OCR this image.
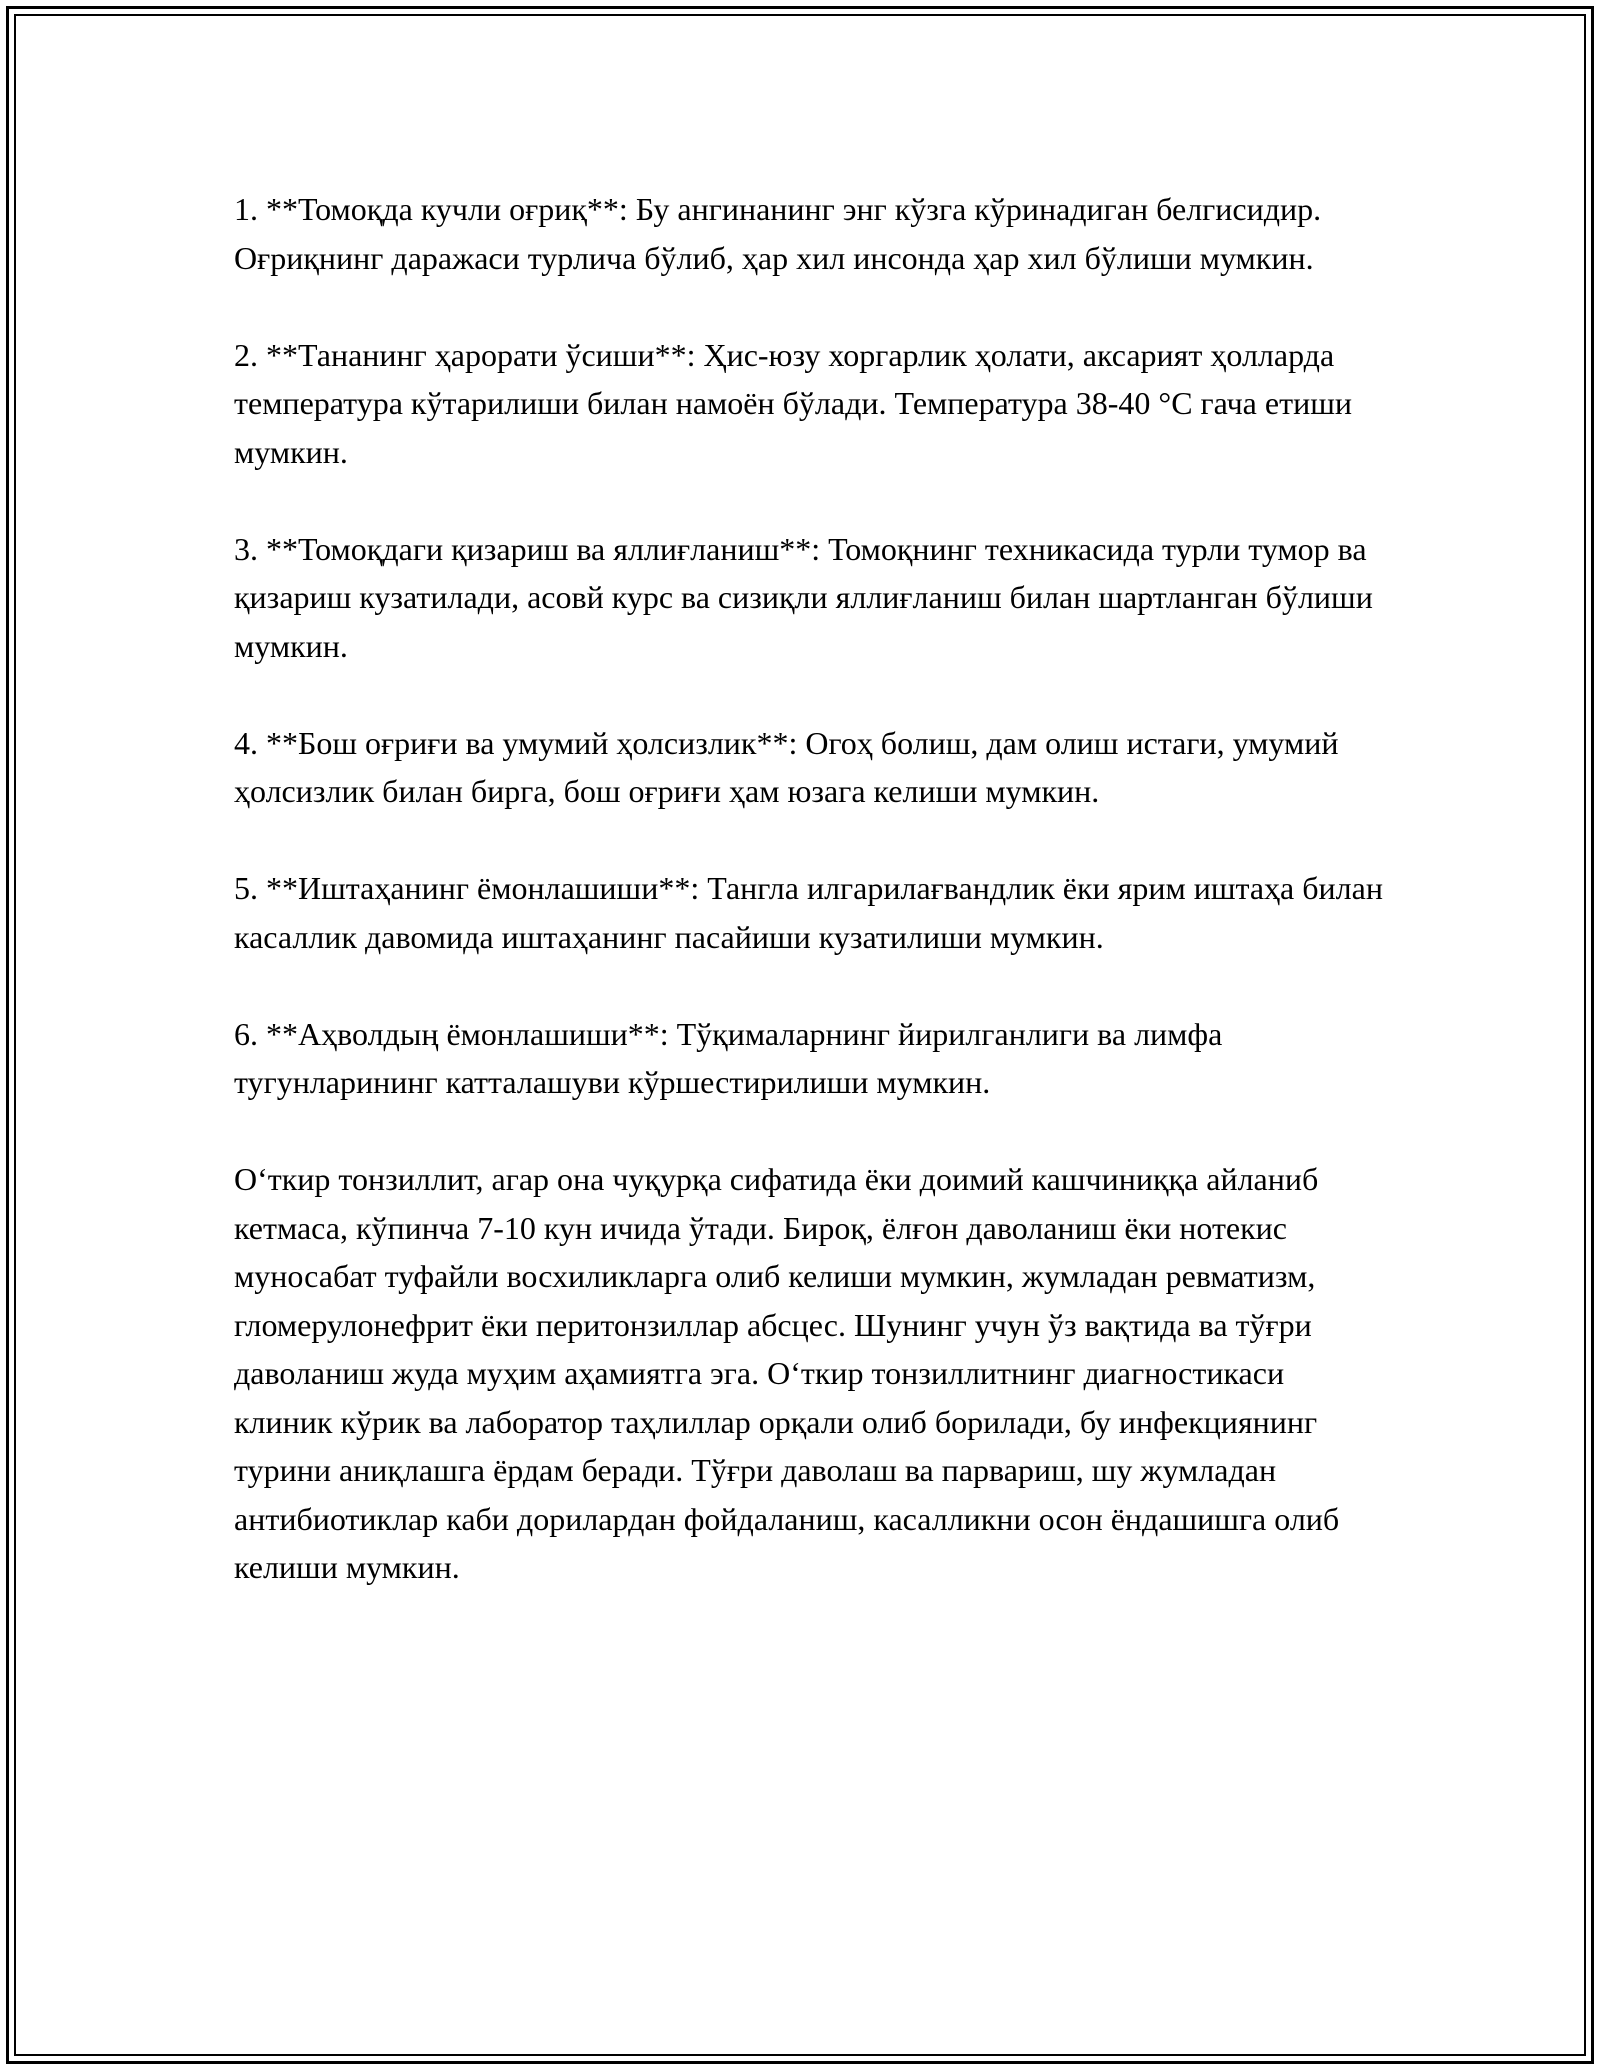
1. **Томоқда кучли оғриқ**: Бу ангинанинг энг кўзга кўринадиган белгисидир. Оғриқнинг даражаси турлича бўлиб, ҳар хил инсонда ҳар хил бўлиши мумкин.

2. **Тананинг ҳарорати ўсиши**: Ҳис-юзу хоргарлик ҳолати, аксарият ҳолларда температура кўтарилиши билан намоён бўлади. Температура 38-40 °C гача етиши мумкин.

3. **Томоқдаги қизариш ва яллиғланиш**: Томоқнинг техникасида турли тумор ва қизариш кузатилади, асовй курс ва сизиқли яллиғланиш билан шартланган бўлиши мумкин.

4. **Бош оғриғи ва умумий ҳолсизлик**: Огоҳ болиш, дам олиш истаги, умумий ҳолсизлик билан бирга, бош оғриғи ҳам юзага келиши мумкин.

5. **Иштаҳанинг ёмонлашиши**: Тангла илгарилағвандлик ёки ярим иштаҳа билан касаллик давомида иштаҳанинг пасайиши кузатилиши мумкин.

6. **Аҳволдың ёмонлашиши**: Тўқималарнинг йирилганлиги ва лимфа тугунларининг катталашуви кўршестирилиши мумкин.

Оʻткир тонзиллит, агар она чуқурқа сифатида ёки доимий кашчиниққа айланиб кетмаса, кўпинча 7-10 кун ичида ўтади. Бироқ, ёлғон даволаниш ёки нотекис муносабат туфайли восхиликларга олиб келиши мумкин, жумладан ревматизм, гломерулонефрит ёки перитонзиллар абсцес. Шунинг учун ўз вақтида ва тўғри даволаниш жуда муҳим аҳамиятга эга. Оʻткир тонзиллитнинг диагностикаси клиник кўрик ва лаборатор таҳлиллар орқали олиб борилади, бу инфекциянинг турини аниқлашга ёрдам беради. Тўғри даволаш ва парвариш, шу жумладан антибиотиклар каби дорилардан фойдаланиш, касалликни осон ёндашишга олиб келиши мумкин.
